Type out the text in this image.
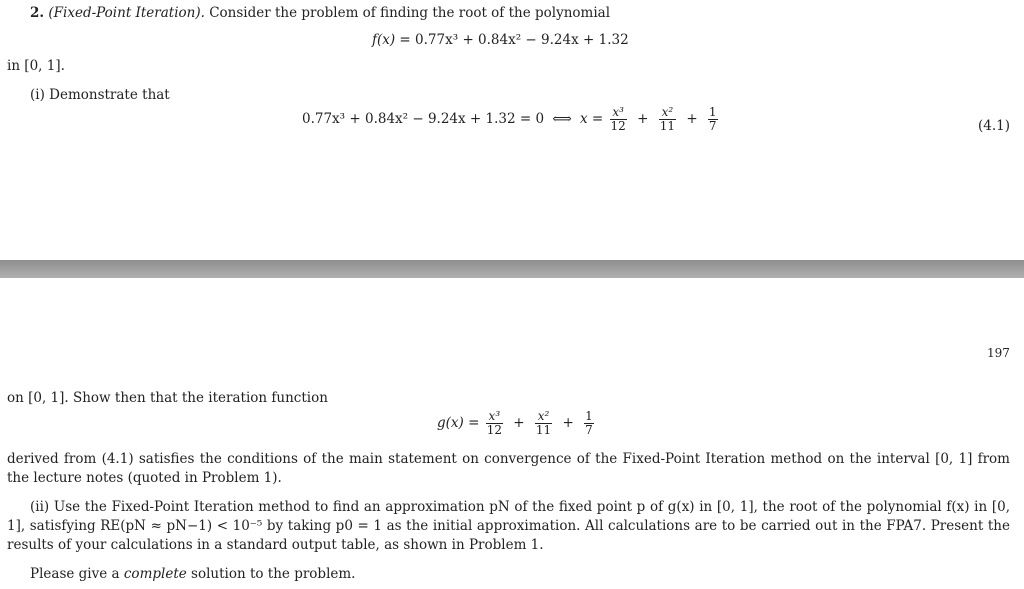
2. (Fixed-Point Iteration). Consider the problem of finding the root of the polynomial
f(x) = 0.77x³ + 0.84x² − 9.24x + 1.32
in [0, 1].
(i) Demonstrate that
0.77x³ + 0.84x² − 9.24x + 1.32 = 0 ⟺ $x = \frac{\text{x³}}{12} + \frac{\text{x²}}{11} + \frac{1}{7}$	(4.1)
197
on [0, 1]. Show then that the iteration function
$g(x) = \frac{\text{x³}}{12} + \frac{\text{x²}}{11} + \frac{1}{7}$
derived from (4.1) satisfies the conditions of the main statement on convergence of the Fixed-Point Iteration method on the interval [0, 1] from the lecture notes (quoted in Problem 1).
(ii) Use the Fixed-Point Iteration method to find an approximation pN of the fixed point p of g(x) in [0, 1], the root of the polynomial f(x) in [0, 1], satisfying RE(pN ≈ pN−1) < 10⁻⁵ by taking p0 = 1 as the initial approximation. All calculations are to be carried out in the FPA7. Present the results of your calculations in a standard output table, as shown in Problem 1.
Please give a complete solution to the problem.
